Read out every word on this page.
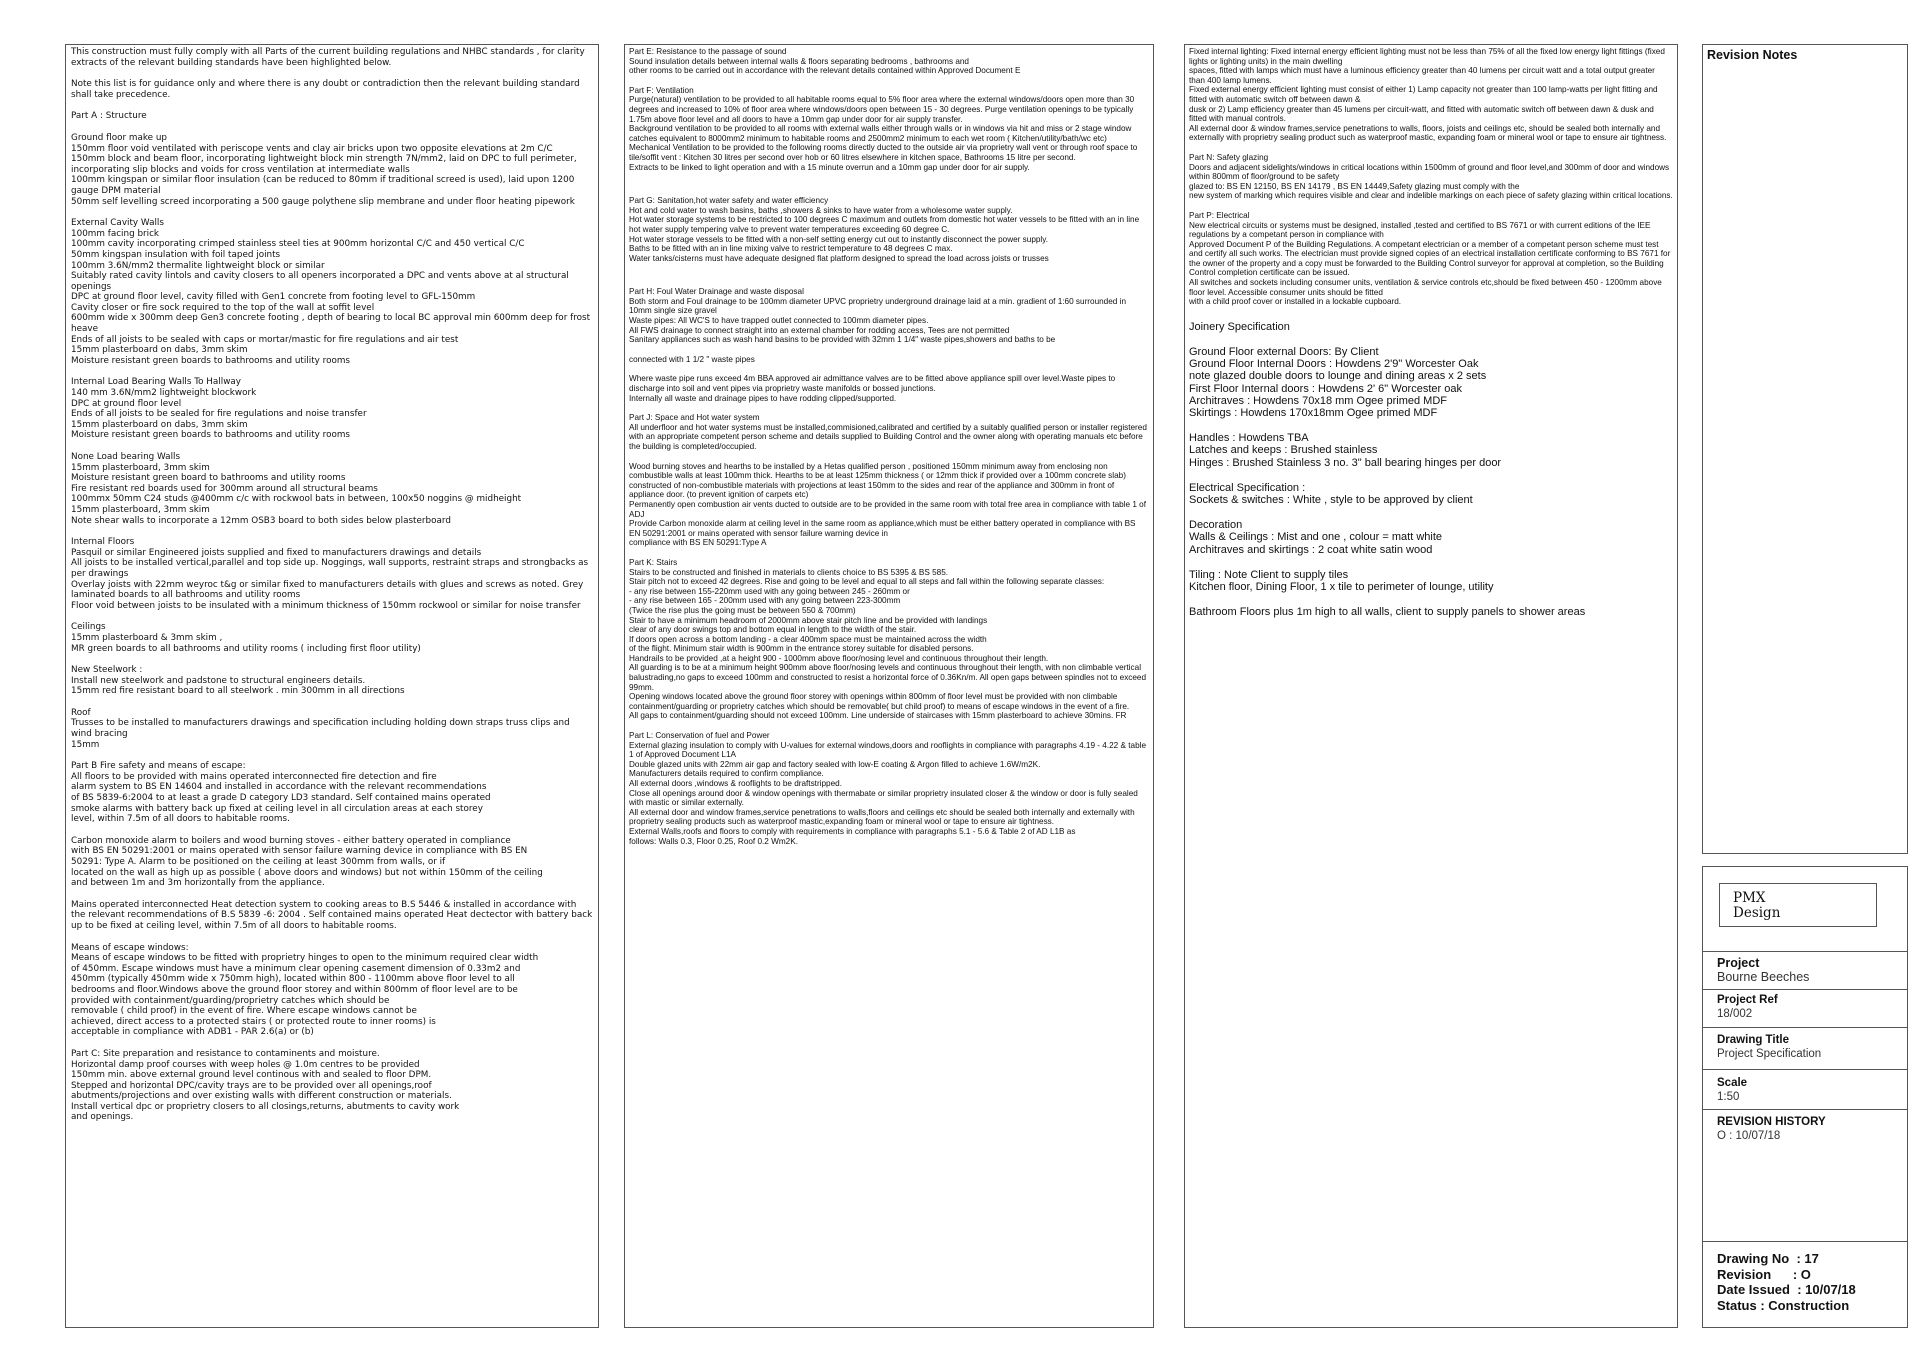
This construction must fully comply with all Parts of the current building regulations and NHBC standards , for clarity extracts of the relevant building standards have been highlighted below.

Note this list is for guidance only and where there is any doubt or contradiction then the relevant building standard shall take precedence.

Part A : Structure

Ground floor make up
150mm floor void ventilated with periscope vents and clay air bricks upon two opposite elevations at 2m C/C
150mm block and beam floor, incorporating lightweight block min strength 7N/mm2, laid on DPC to full perimeter, incorporating slip blocks and voids for cross ventilation at intermediate walls
100mm kingspan or similar floor insulation (can be reduced to 80mm if traditional screed is used), laid upon 1200 gauge DPM material
50mm self levelling screed incorporating a 500 gauge polythene slip membrane and under floor heating pipework

External Cavity Walls
100mm facing brick
100mm cavity incorporating crimped stainless steel ties at 900mm horizontal C/C and 450 vertical C/C
50mm kingspan insulation with foil taped joints
100mm 3.6N/mm2 thermalite lightweight block or similar
Suitably rated cavity lintols and cavity closers to all openers incorporated a DPC and vents above at al structural openings
DPC at ground floor level, cavity filled with Gen1 concrete from footing level to GFL-150mm
Cavity closer or fire sock required to the top of the wall at soffit level
600mm wide x 300mm deep Gen3 concrete footing , depth of bearing to local BC approval min 600mm deep for frost heave
Ends of all joists to be sealed with caps or mortar/mastic for fire regulations and air test
15mm plasterboard on dabs, 3mm skim
Moisture resistant green boards to bathrooms and utility rooms

Internal Load Bearing Walls To Hallway
140 mm 3.6N/mm2 lightweight blockwork
DPC at ground floor level
Ends of all joists to be sealed for fire regulations and noise transfer
15mm plasterboard on dabs, 3mm skim
Moisture resistant green boards to bathrooms and utility rooms

None Load bearing Walls
15mm plasterboard, 3mm skim
Moisture resistant green board to bathrooms and utility rooms
Fire resistant red boards used for 300mm around all structural beams
100mmx 50mm C24 studs @400mm c/c with rockwool bats in between, 100x50 noggins @ midheight
15mm plasterboard, 3mm skim
Note shear walls to incorporate a 12mm OSB3 board to both sides below plasterboard

Internal Floors
Pasquil or similar Engineered joists supplied and fixed to manufacturers drawings and details
All joists to be installed vertical,parallel and top side up. Noggings, wall supports, restraint straps and strongbacks as per drawings
Overlay joists with 22mm weyroc t&g or similar fixed to manufacturers details with glues and screws as noted. Grey laminated boards to all bathrooms and utility rooms
Floor void between joists to be insulated with a minimum thickness of 150mm rockwool or similar for noise transfer

Ceilings
15mm plasterboard & 3mm skim ,
MR green boards to all bathrooms and utility rooms ( including first floor utility)

New Steelwork :
Install new steelwork and padstone to structural engineers details.
15mm red fire resistant board to all steelwork . min 300mm in all directions

Roof
Trusses to be installed to manufacturers drawings and specification including holding down straps truss clips and wind bracing
15mm

Part B Fire safety and means of escape:
All floors to be provided with mains operated interconnected fire detection and fire
alarm system to BS EN 14604 and installed in accordance with the relevant recommendations
of BS 5839-6:2004 to at least a grade D category LD3 standard. Self contained mains operated
smoke alarms with battery back up fixed at ceiling level in all circulation areas at each storey
level, within 7.5m of all doors to habitable rooms.

Carbon monoxide alarm to boilers and wood burning stoves - either battery operated in compliance
with BS EN 50291:2001 or mains operated with sensor failure warning device in compliance with BS EN
50291: Type A. Alarm to be positioned on the ceiling at least 300mm from walls, or if
located on the wall as high up as possible ( above doors and windows) but not within 150mm of the ceiling
and between 1m and 3m horizontally from the appliance.

Mains operated interconnected Heat detection system to cooking areas to B.S 5446 & installed in accordance with the relevant recommendations of B.S 5839 -6: 2004 . Self contained mains operated Heat dectector with battery back up to be fixed at ceiling level, within 7.5m of all doors to habitable rooms.

Means of escape windows:
Means of escape windows to be fitted with proprietry hinges to open to the minimum required clear width
of 450mm. Escape windows must have a minimum clear opening casement dimension of 0.33m2 and
450mm (typically 450mm wide x 750mm high), located within 800 - 1100mm above floor level to all
bedrooms and floor.Windows above the ground floor storey and within 800mm of floor level are to be
provided with containment/guarding/proprietry catches which should be
removable ( child proof) in the event of fire. Where escape windows cannot be
achieved, direct access to a protected stairs ( or protected route to inner rooms) is
acceptable in compliance with ADB1 - PAR 2.6(a) or (b)

Part C: Site preparation and resistance to contaminents and moisture.
Horizontal damp proof courses with weep holes @ 1.0m centres to be provided
150mm min. above external ground level continous with and sealed to floor DPM.
Stepped and horizontal DPC/cavity trays are to be provided over all openings,roof
abutments/projections and over existing walls with different construction or materials.
Install vertical dpc or proprietry closers to all closings,returns, abutments to cavity work
and openings.

Part E: Resistance to the passage of sound
Sound insulation details between internal walls & floors separating bedrooms , bathrooms and
other rooms to be carried out in accordance with the relevant details contained within Approved Document E

Part F: Ventilation
Purge(natural) ventilation to be provided to all habitable rooms equal to 5% floor area where the external windows/doors open more than 30 degrees and increased to 10% of floor area where windows/doors open between 15 - 30 degrees. Purge ventilation openings to be typically 1.75m above floor level and all doors to have a 10mm gap under door for air supply transfer.
Background ventilation to be provided to all rooms with external walls either through walls or in windows via hit and miss or 2 stage window catches equivalent to 8000mm2 minimum to habitable rooms and 2500mm2 minimum to each wet room ( Kitchen/utility/bath/wc etc)
Mechanical Ventilation to be provided to the following rooms directly ducted to the outside air via proprietry wall vent or through roof space to tile/soffit vent : Kitchen 30 litres per second over hob or 60 litres elsewhere in kitchen space, Bathrooms 15 litre per second.
Extracts to be linked to light operation and with a 15 minute overrun and a 10mm gap under door for air supply.

Part G: Sanitation,hot water safety and water efficiency
Hot and cold water to wash basins, baths ,showers & sinks to have water from a wholesome water supply.
Hot water storage systems to be restricted to 100 degrees C maximum and outlets from domestic hot water vessels to be fitted with an in line hot water supply tempering valve to prevent water temperatures exceeding 60 degree C.
Hot water storage vessels to be fitted with a non-self setting energy cut out to instantly disconnect the power supply.
Baths to be fitted with an in line mixing valve to restrict temperature to 48 degrees C max.
Water tanks/cisterns must have adequate designed flat platform designed to spread the load across joists or trusses

Part H: Foul Water Drainage and waste disposal
Both storm and Foul drainage to be 100mm diameter UPVC proprietry underground drainage laid at a min. gradient of 1:60 surrounded in 10mm single size gravel
Waste pipes: All WC'S to have trapped outlet connected to 100mm diameter pipes.
All FWS drainage to connect straight into an external chamber for rodding access, Tees are not permitted
Sanitary appliances such as wash hand basins to be provided with 32mm 1 1/4" waste pipes,showers and baths to be

connected with 1 1/2 " waste pipes

Where waste pipe runs exceed 4m BBA approved air admittance valves are to be fitted above appliance spill over level.Waste pipes to discharge into soil and vent pipes via proprietry waste manifolds or bossed junctions.
Internally all waste and drainage pipes to have rodding clipped/supported.

Part J: Space and Hot water system
All underfloor and hot water systems must be installed,commisioned,calibrated and certified by a suitably qualified person or installer registered with an appropriate competent person scheme and details supplied to Building Control and the owner along with operating manuals etc before the building is completed/occupied.

Wood burning stoves and hearths to be installed by a Hetas qualified person , positioned 150mm minimum away from enclosing non combustible walls at least 100mm thick. Hearths to be at least 125mm thickness ( or 12mm thick if provided over a 100mm concrete slab) constructed of non-combustible materials with projections at least 150mm to the sides and rear of the appliance and 300mm in front of appliance door. (to prevent ignition of carpets etc)
Permanently open combustion air vents ducted to outside are to be provided in the same room with total free area in compliance with table 1 of ADJ
Provide Carbon monoxide alarm at ceiling level in the same room as appliance,which must be either battery operated in compliance with BS EN 50291:2001 or mains operated with sensor failure warning device in
compliance with BS EN 50291:Type A

Part K: Stairs
Stairs to be constructed and finished in materials to clients choice to BS 5395 & BS 585.
Stair pitch not to exceed 42 degrees. Rise and going to be level and equal to all steps and fall within the following separate classes:
- any rise between 155-220mm used with any going between 245 - 260mm or
- any rise between 165 - 200mm used with any going between 223-300mm
(Twice the rise plus the going must be between 550 & 700mm)
Stair to have a minimum headroom of 2000mm above stair pitch line and be provided with landings
clear of any door swings top and bottom equal in length to the width of the stair.
If doors open across a bottom landing - a clear 400mm space must be maintained across the width
of the flight. Minimum stair width is 900mm in the entrance storey suitable for disabled persons.
Handrails to be provided ,at a height 900 - 1000mm above floor/nosing level and continuous throughout their length.
All guarding is to be at a minimum height 900mm above floor/nosing levels and continuous throughout their length, with non climbable vertical balustrading,no gaps to exceed 100mm and constructed to resist a horizontal force of 0.36Kn/m. All open gaps between spindles not to exceed 99mm.
Opening windows located above the ground floor storey with openings within 800mm of floor level must be provided with non climbable containment/guarding or proprietry catches which should be removable( but child proof) to means of escape windows in the event of a fire.
All gaps to containment/guarding should not exceed 100mm. Line underside of staircases with 15mm plasterboard to achieve 30mins. FR

Part L: Conservation of fuel and Power
External glazing insulation to comply with U-values for external windows,doors and rooflights in compliance with paragraphs 4.19 - 4.22 & table 1 of Approved Document L1A
Double glazed units with 22mm air gap and factory sealed with low-E coating & Argon filled to achieve 1.6W/m2K.
Manufacturers details required to confirm compliance.
All external doors ,windows & rooflights to be draftstripped.
Close all openings around door & window openings with thermabate or similar proprietry insulated closer & the window or door is fully sealed with mastic or similar externally.
All external door and window frames,service penetrations to walls,floors and ceilings etc should be sealed both internally and externally with proprietry sealing products such as waterproof mastic,expanding foam or mineral wool or tape to ensure air tightness.
External Walls,roofs and floors to comply with requirements in compliance with paragraphs 5.1 - 5.6 & Table 2 of AD L1B as
follows: Walls 0.3, Floor 0.25, Roof 0.2 Wm2K.

Fixed internal lighting: Fixed internal energy efficient lighting must not be less than 75% of all the fixed low energy light fittings (fixed lights or lighting units) in the main dwelling
spaces, fitted with lamps which must have a luminous efficiency greater than 40 lumens per circuit watt and a total output greater than 400 lamp lumens.
Fixed external energy efficient lighting must consist of either 1) Lamp capacity not greater than 100 lamp-watts per light fitting and fitted with automatic switch off between dawn &
dusk or 2) Lamp efficiency greater than 45 lumens per circuit-watt, and fitted with automatic switch off between dawn & dusk and fitted with manual controls.
All external door & window frames,service penetrations to walls, floors, joists and ceilings etc, should be sealed both internally and externally with proprietry sealing product such as waterproof mastic, expanding foam or mineral wool or tape to ensure air tightness.

Part N: Safety glazing
Doors and adjacent sidelights/windows in critical locations within 1500mm of ground and floor level,and 300mm of door and windows within 800mm of floor/ground to be safety
glazed to: BS EN 12150, BS EN 14179 , BS EN 14449,Safety glazing must comply with the
new system of marking which requires visible and clear and indelible markings on each piece of safety glazing within critical locations.

Part P: Electrical
New electrical circuits or systems must be designed, installed ,tested and certified to BS 7671 or with current editions of the IEE regulations by a competant person in compliance with
Approved Document P of the Building Regulations. A competant electrician or a member of a competant person scheme must test and certify all such works. The electrician must provide signed copies of an electrical installation certificate conforming to BS 7671 for the owner of the property and a copy must be forwarded to the Building Control surveyor for approval at completion, so the Building Control completion certificate can be issued.
All switches and sockets including consumer units, ventilation & service controls etc,should be fixed between 450 - 1200mm above floor level. Accessible consumer units should be fitted
with a child proof cover or installed in a lockable cupboard.

Joinery Specification

Ground Floor external Doors: By Client
Ground Floor Internal Doors : Howdens 2'9" Worcester Oak
note glazed double doors to lounge and dining areas x 2 sets
First Floor Internal doors : Howdens 2' 6" Worcester oak
Architraves : Howdens 70x18 mm Ogee primed MDF
Skirtings : Howdens 170x18mm Ogee primed MDF

Handles : Howdens TBA
Latches and keeps : Brushed stainless
Hinges : Brushed Stainless 3 no. 3" ball bearing hinges per door

Electrical Specification :
Sockets & switches : White , style to be approved by client

Decoration
Walls & Ceilings : Mist and one , colour = matt white
Architraves and skirtings : 2 coat white satin wood

Tiling : Note Client to supply tiles
Kitchen floor, Dining Floor, 1 x tile to perimeter of lounge, utility

Bathroom Floors plus 1m high to all walls, client to supply panels to shower areas

Revision Notes
PMX
Design
Project
Bourne Beeches
Project Ref
18/002
Drawing Title
Project Specification
Scale
1:50
REVISION HISTORY
O : 10/07/18
Drawing No  : 17
Revision      : O
Date Issued  : 10/07/18
Status : Construction
